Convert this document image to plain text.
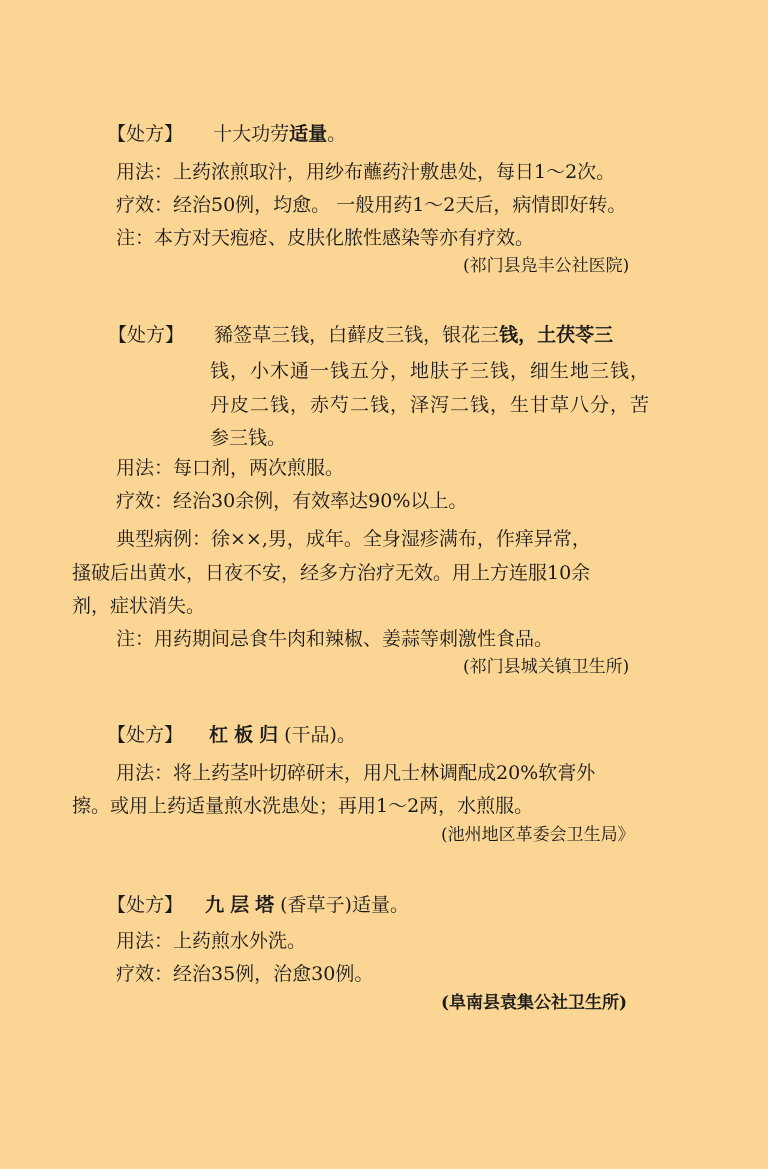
【处方】 十大功劳适量。
用法：上药浓煎取汁，用纱布蘸药汁敷患处，每日1～2次。
疗效：经治50例，均愈。 一般用药1～2天后，病情即好转。
注：本方对天疱疮、皮肤化脓性感染等亦有疗效。
(祁门县凫丰公社医院)
【处方】 豨签草三钱，白藓皮三钱，银花三钱，土茯苓三
钱，小木通一钱五分，地肤子三钱，细生地三钱，
丹皮二钱，赤芍二钱，泽泻二钱，生甘草八分，苦
参三钱。
用法：每口剂，两次煎服。
疗效：经治30余例，有效率达90%以上。
典型病例：徐××,男，成年。全身湿疹满布，作痒异常，
搔破后出黄水，日夜不安，经多方治疗无效。用上方连服10余
剂，症状消失。
注：用药期间忌食牛肉和辣椒、姜蒜等刺激性食品。
(祁门县城关镇卫生所)
【处方】 杠板归(干品)。
用法：将上药茎叶切碎研末，用凡士林调配成20%软膏外
擦。或用上药适量煎水洗患处；再用1～2两，水煎服。
(池州地区革委会卫生局》
【处方】 九层塔(香草子)适量。
用法：上药煎水外洗。
疗效：经治35例，治愈30例。
(阜南县袁集公社卫生所)
